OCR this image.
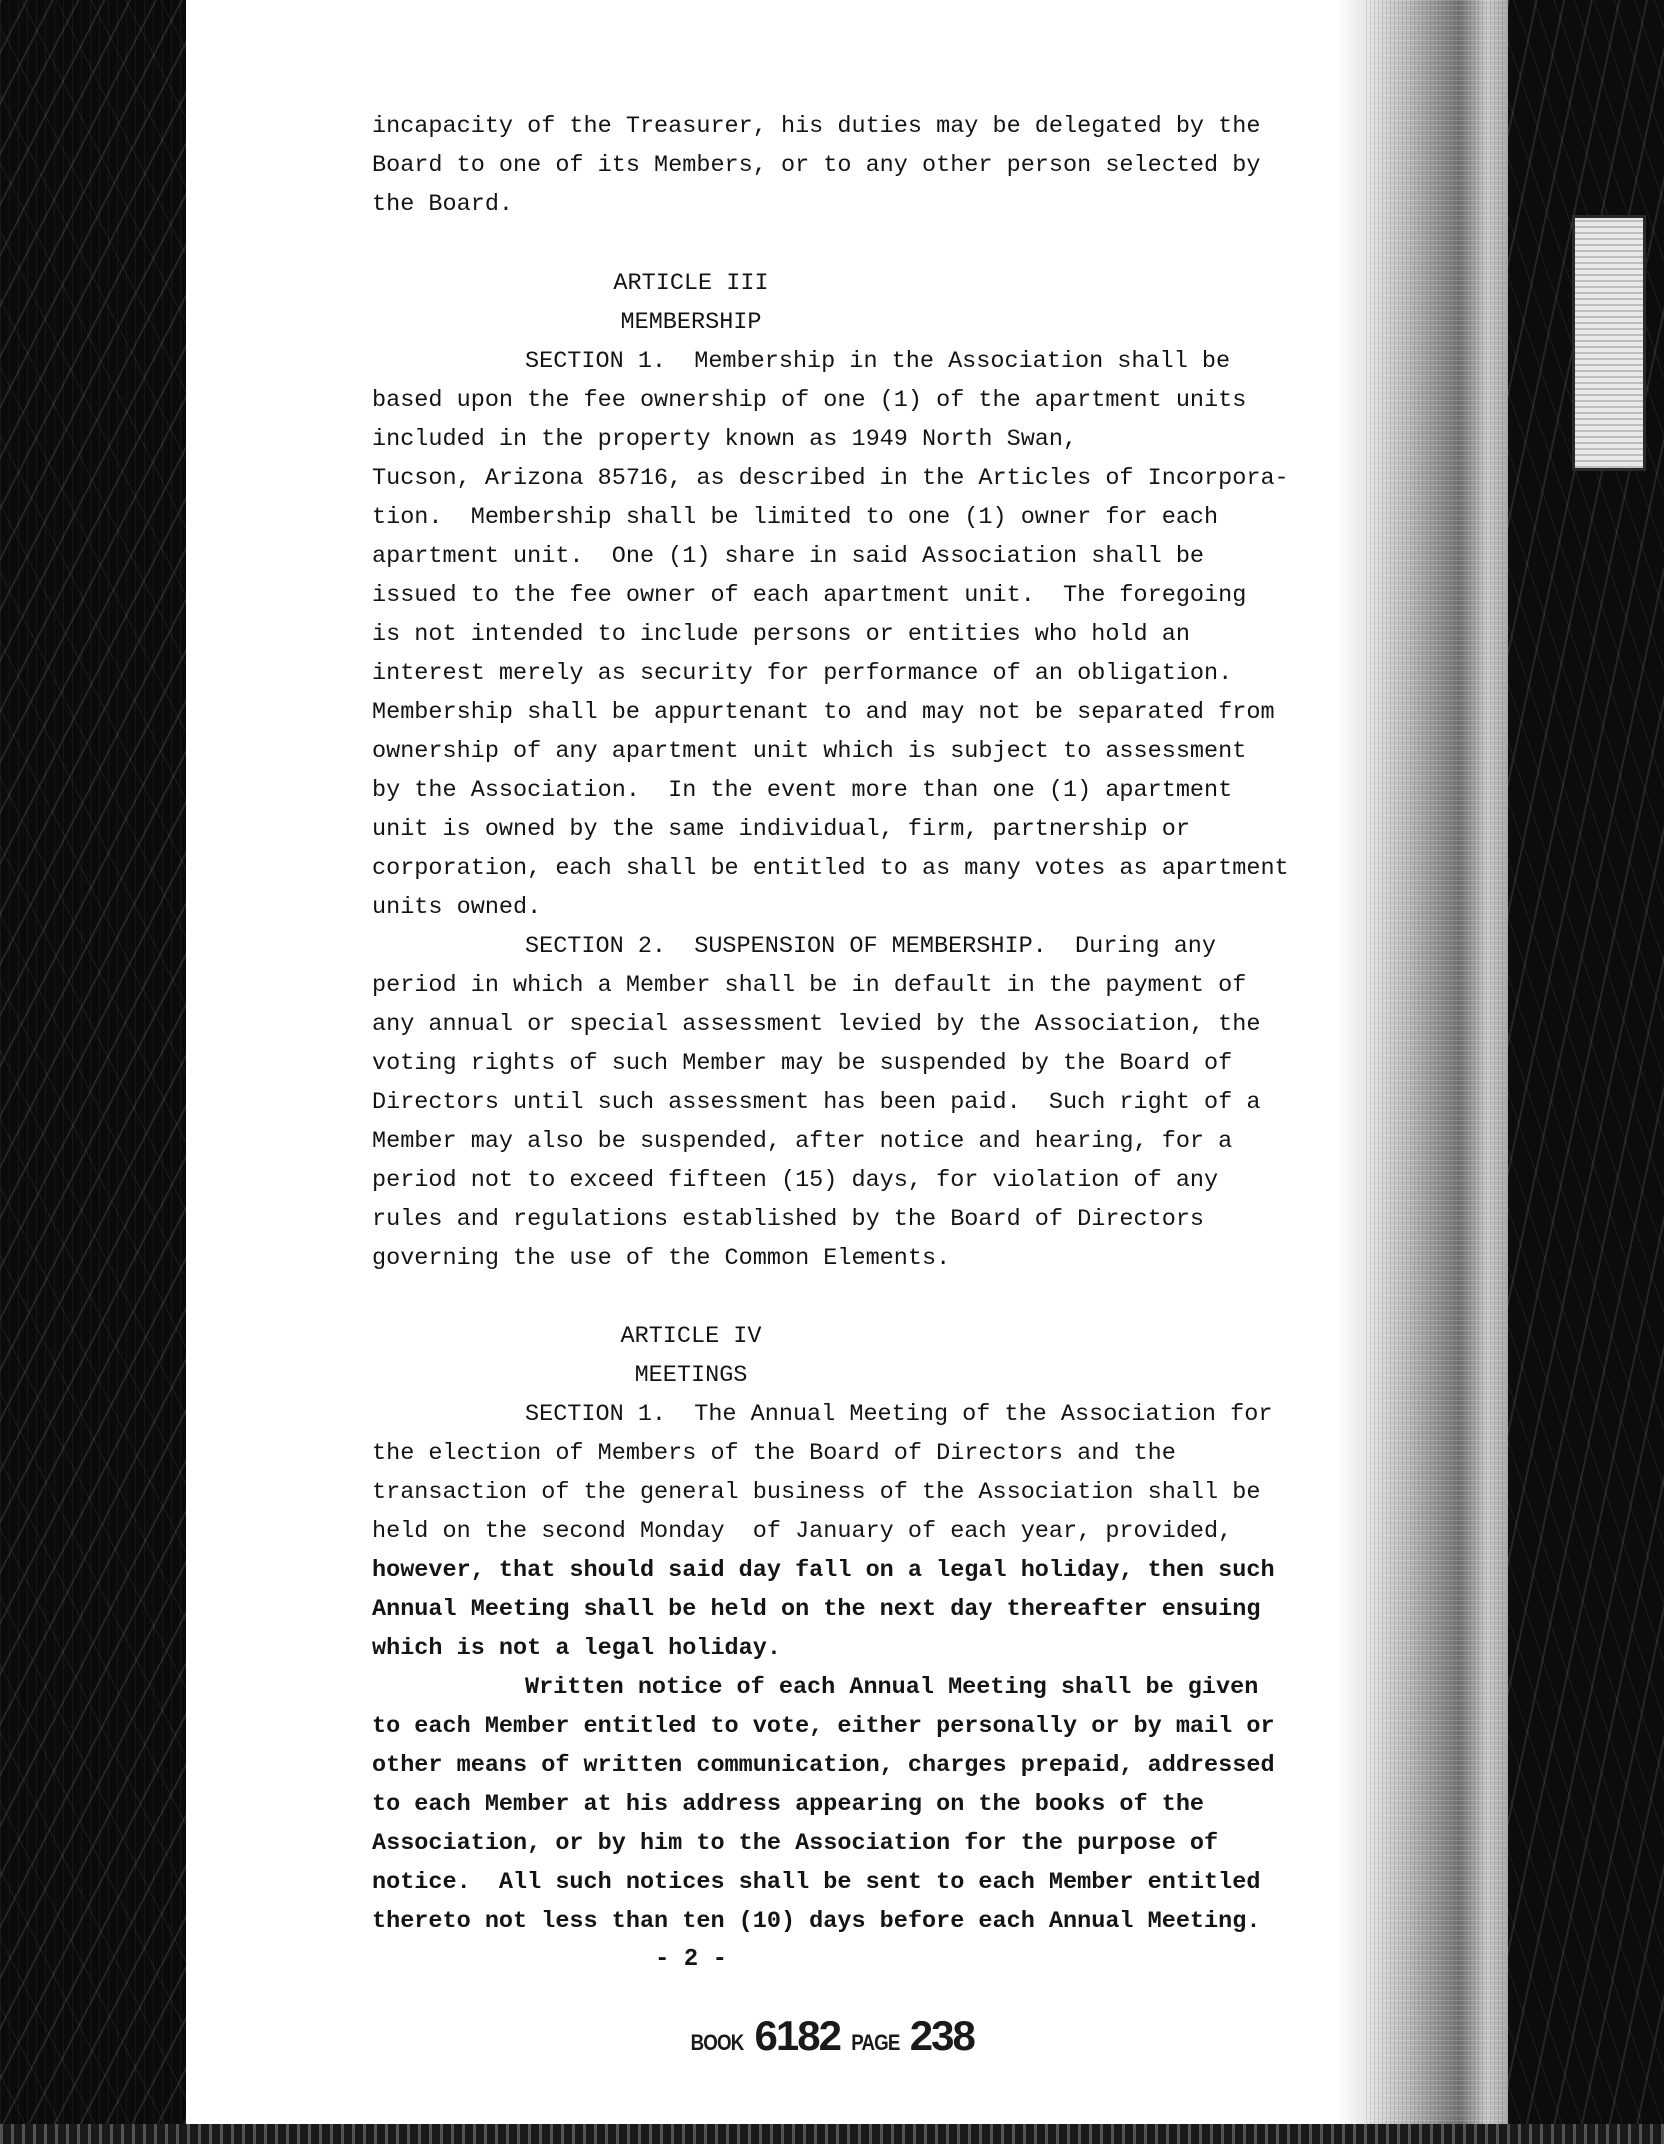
incapacity of the Treasurer, his duties may be delegated by the
Board to one of its Members, or to any other person selected by
the Board.
ARTICLE III
MEMBERSHIP
SECTION 1.  Membership in the Association shall be
based upon the fee ownership of one (1) of the apartment units
included in the property known as 1949 North Swan,
Tucson, Arizona 85716, as described in the Articles of Incorpora-
tion.  Membership shall be limited to one (1) owner for each
apartment unit.  One (1) share in said Association shall be
issued to the fee owner of each apartment unit.  The foregoing
is not intended to include persons or entities who hold an
interest merely as security for performance of an obligation.
Membership shall be appurtenant to and may not be separated from
ownership of any apartment unit which is subject to assessment
by the Association.  In the event more than one (1) apartment
unit is owned by the same individual, firm, partnership or
corporation, each shall be entitled to as many votes as apartment
units owned.
SECTION 2.  SUSPENSION OF MEMBERSHIP.  During any
period in which a Member shall be in default in the payment of
any annual or special assessment levied by the Association, the
voting rights of such Member may be suspended by the Board of
Directors until such assessment has been paid.  Such right of a
Member may also be suspended, after notice and hearing, for a
period not to exceed fifteen (15) days, for violation of any
rules and regulations established by the Board of Directors
governing the use of the Common Elements.
ARTICLE IV
MEETINGS
SECTION 1.  The Annual Meeting of the Association for
the election of Members of the Board of Directors and the
transaction of the general business of the Association shall be
held on the second Monday  of January of each year, provided,
however, that should said day fall on a legal holiday, then such
Annual Meeting shall be held on the next day thereafter ensuing
which is not a legal holiday.
Written notice of each Annual Meeting shall be given
to each Member entitled to vote, either personally or by mail or
other means of written communication, charges prepaid, addressed
to each Member at his address appearing on the books of the
Association, or by him to the Association for the purpose of
notice.  All such notices shall be sent to each Member entitled
thereto not less than ten (10) days before each Annual Meeting.
- 2 -
BOOK 6182 PAGE 238
